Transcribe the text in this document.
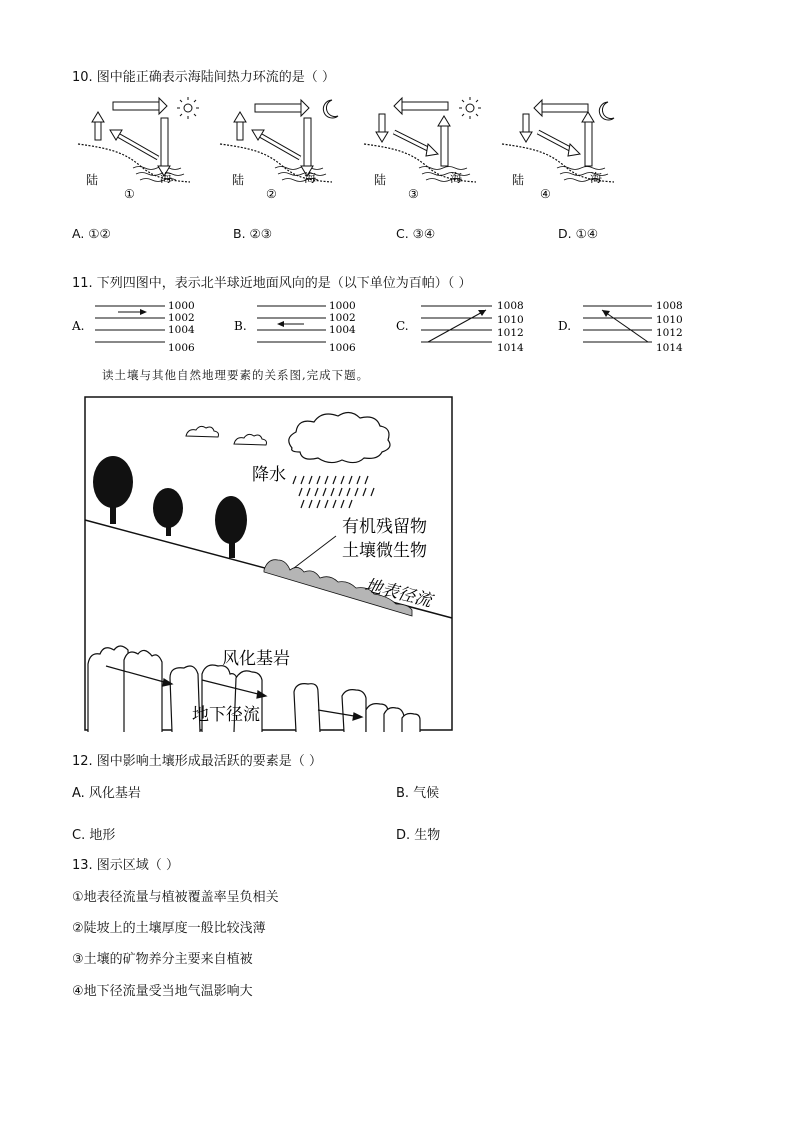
10. 图中能正确表示海陆间热力环流的是（ ）
陆	海
①
陆	海
②
陆	海
③
陆	海
④
A. ①②	B. ②③	C. ③④	D. ①④
11. 下列四图中，表示北半球近地面风向的是（以下单位为百帕）（ ）
A.
1000
1002
1004
1006
B.
1000
1002
1004
1006
C.
1008
1010
1012
1014
D.
1008
1010
1012
1014
读土壤与其他自然地理要素的关系图,完成下题。
降水
有机残留物
土壤微生物
地表径流
风化基岩
地下径流
12. 图中影响土壤形成最活跃的要素是（ ）
A. 风化基岩	B. 气候
C. 地形	D. 生物
13. 图示区域（ ）
①地表径流量与植被覆盖率呈负相关
②陡坡上的土壤厚度一般比较浅薄
③土壤的矿物养分主要来自植被
④地下径流量受当地气温影响大
